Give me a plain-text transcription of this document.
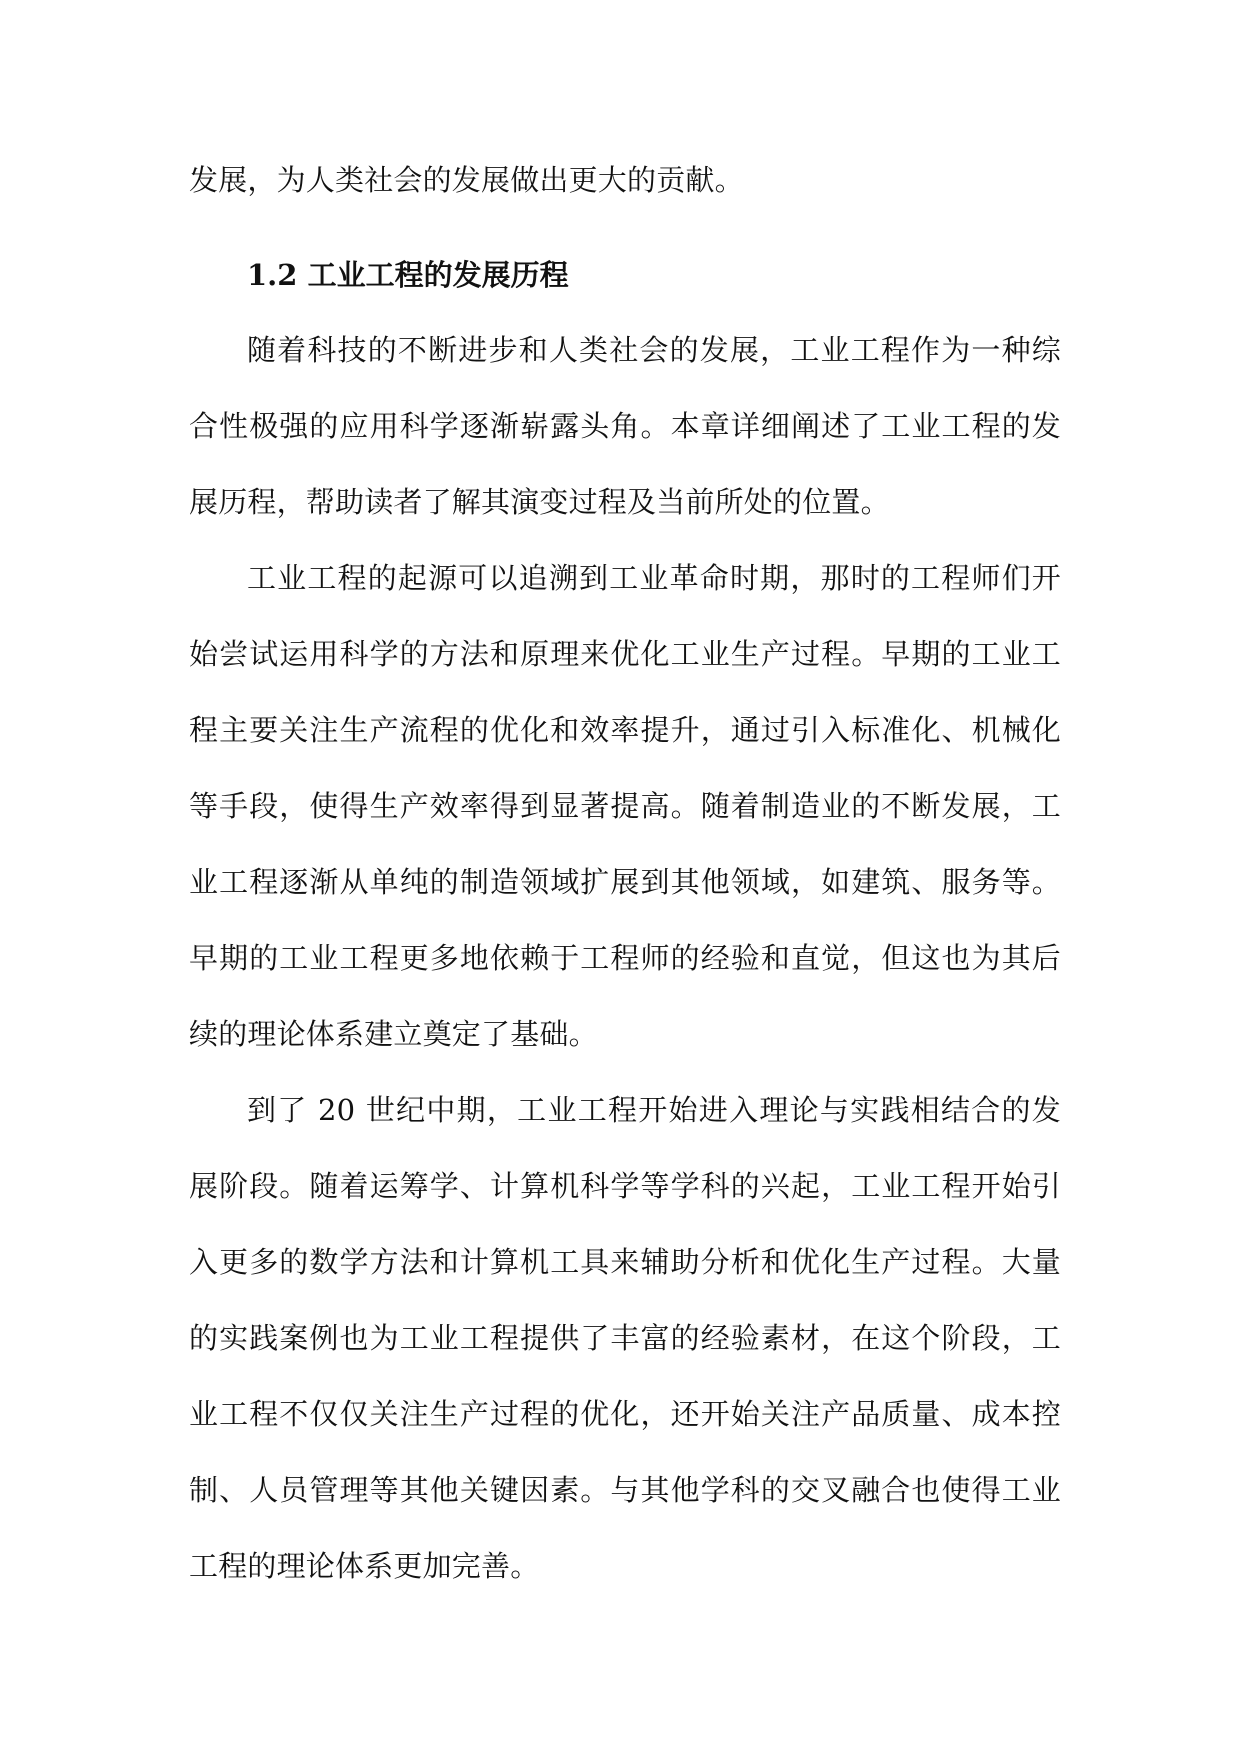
发展，为人类社会的发展做出更大的贡献。

1.2 工业工程的发展历程

随着科技的不断进步和人类社会的发展，工业工程作为一种综合性极强的应用科学逐渐崭露头角。本章详细阐述了工业工程的发展历程，帮助读者了解其演变过程及当前所处的位置。

工业工程的起源可以追溯到工业革命时期，那时的工程师们开始尝试运用科学的方法和原理来优化工业生产过程。早期的工业工程主要关注生产流程的优化和效率提升，通过引入标准化、机械化等手段，使得生产效率得到显著提高。随着制造业的不断发展，工业工程逐渐从单纯的制造领域扩展到其他领域，如建筑、服务等。早期的工业工程更多地依赖于工程师的经验和直觉，但这也为其后续的理论体系建立奠定了基础。

到了 20 世纪中期，工业工程开始进入理论与实践相结合的发展阶段。随着运筹学、计算机科学等学科的兴起，工业工程开始引入更多的数学方法和计算机工具来辅助分析和优化生产过程。大量的实践案例也为工业工程提供了丰富的经验素材，在这个阶段，工业工程不仅仅关注生产过程的优化，还开始关注产品质量、成本控制、人员管理等其他关键因素。与其他学科的交叉融合也使得工业工程的理论体系更加完善。
